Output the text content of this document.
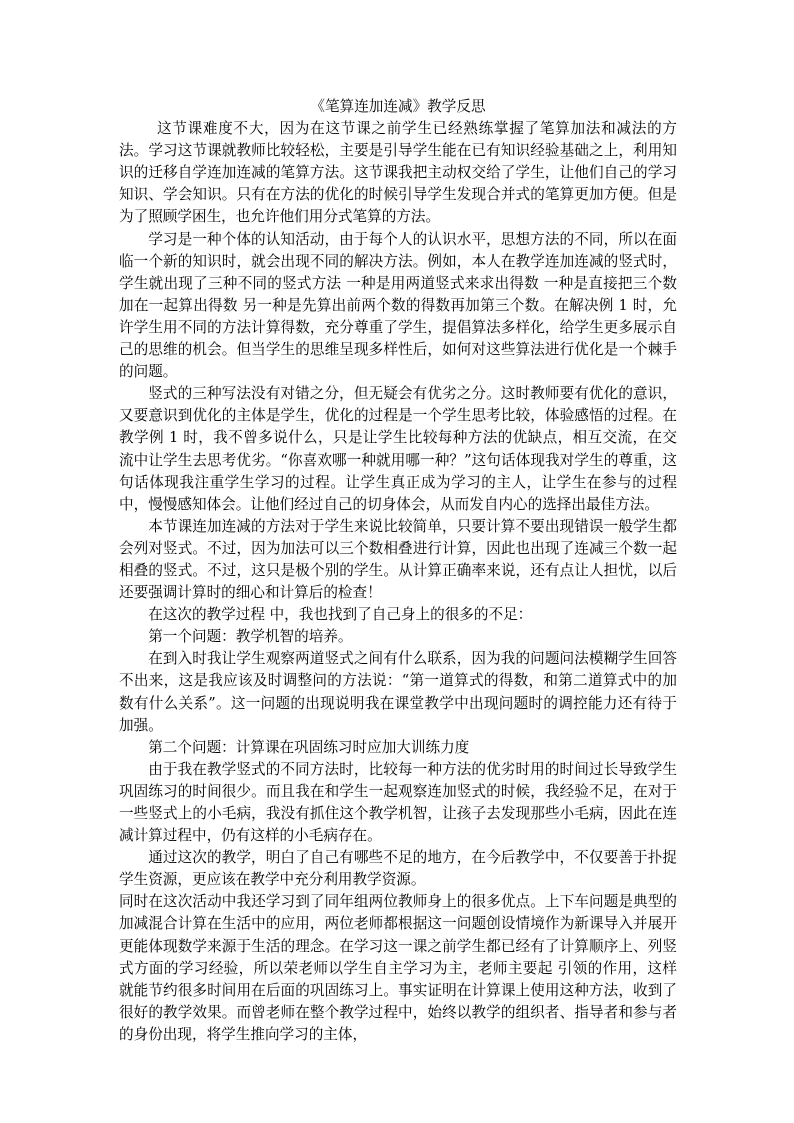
《笔算连加连减》教学反思

这节课难度不大，因为在这节课之前学生已经熟练掌握了笔算加法和减法的方法。学习这节课就教师比较轻松，主要是引导学生能在已有知识经验基础之上，利用知识的迁移自学连加连减的笔算方法。这节课我把主动权交给了学生，让他们自己的学习知识、学会知识。只有在方法的优化的时候引导学生发现合并式的笔算更加方便。但是为了照顾学困生，也允许他们用分式笔算的方法。

学习是一种个体的认知活动，由于每个人的认识水平，思想方法的不同，所以在面临一个新的知识时，就会出现不同的解决方法。例如，本人在教学连加连减的竖式时，学生就出现了三种不同的竖式方法 一种是用两道竖式来求出得数 一种是直接把三个数加在一起算出得数 另一种是先算出前两个数的得数再加第三个数。在解决例 1 时，允许学生用不同的方法计算得数，充分尊重了学生，提倡算法多样化，给学生更多展示自己的思维的机会。但当学生的思维呈现多样性后，如何对这些算法进行优化是一个棘手的问题。

竖式的三种写法没有对错之分，但无疑会有优劣之分。这时教师要有优化的意识，又要意识到优化的主体是学生，优化的过程是一个学生思考比较，体验感悟的过程。在教学例 1 时，我不曾多说什么，只是让学生比较每种方法的优缺点，相互交流，在交流中让学生去思考优劣。“你喜欢哪一种就用哪一种？”这句话体现我对学生的尊重，这句话体现我注重学生学习的过程。让学生真正成为学习的主人，让学生在参与的过程中，慢慢感知体会。让他们经过自己的切身体会，从而发自内心的选择出最佳方法。

本节课连加连减的方法对于学生来说比较简单，只要计算不要出现错误一般学生都会列对竖式。不过，因为加法可以三个数相叠进行计算，因此也出现了连减三个数一起相叠的竖式。不过，这只是极个别的学生。从计算正确率来说，还有点让人担忧，以后还要强调计算时的细心和计算后的检查！

在这次的教学过程 中，我也找到了自己身上的很多的不足：

第一个问题：教学机智的培养。

在到入时我让学生观察两道竖式之间有什么联系，因为我的问题问法模糊学生回答不出来，这是我应该及时调整问的方法说：“第一道算式的得数，和第二道算式中的加数有什么关系”。这一问题的出现说明我在课堂教学中出现问题时的调控能力还有待于加强。

第二个问题：计算课在巩固练习时应加大训练力度

由于我在教学竖式的不同方法时，比较每一种方法的优劣时用的时间过长导致学生巩固练习的时间很少。而且我在和学生一起观察连加竖式的时候，我经验不足，在对于一些竖式上的小毛病，我没有抓住这个教学机智，让孩子去发现那些小毛病，因此在连减计算过程中，仍有这样的小毛病存在。

通过这次的教学，明白了自己有哪些不足的地方，在今后教学中，不仅要善于扑捉学生资源，更应该在教学中充分利用教学资源。

同时在这次活动中我还学习到了同年组两位教师身上的很多优点。上下车问题是典型的加减混合计算在生活中的应用，两位老师都根据这一问题创设情境作为新课导入并展开更能体现数学来源于生活的理念。在学习这一课之前学生都已经有了计算顺序上、列竖式方面的学习经验，所以荣老师以学生自主学习为主，老师主要起 引领的作用，这样就能节约很多时间用在后面的巩固练习上。事实证明在计算课上使用这种方法，收到了很好的教学效果。而曾老师在整个教学过程中，始终以教学的组织者、指导者和参与者的身份出现，将学生推向学习的主体，
